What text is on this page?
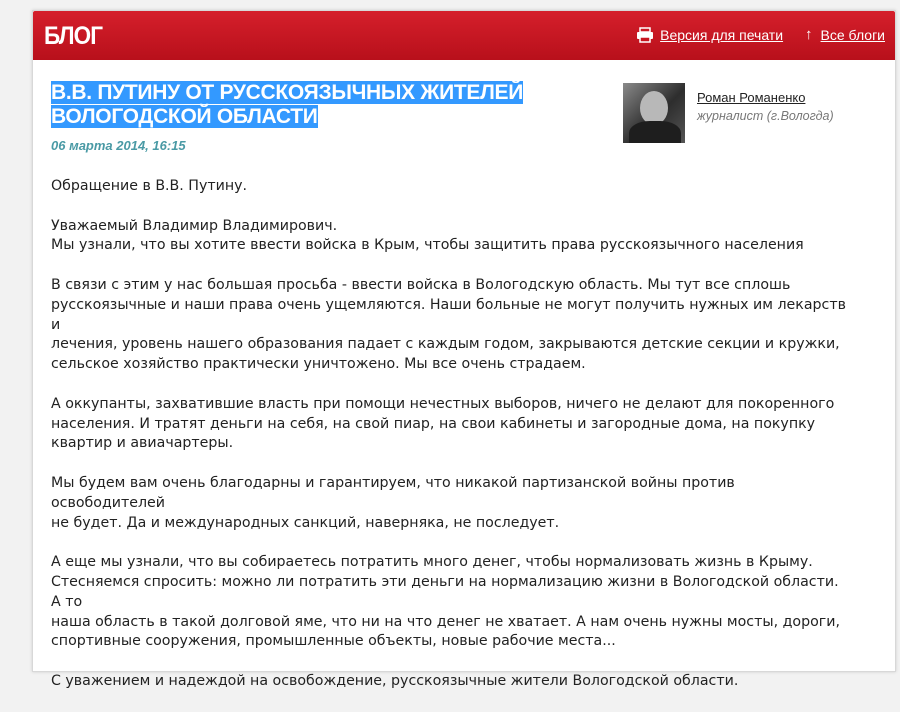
БЛОГ	Версия для печати ↑ Все блоги
В.В. ПУТИНУ ОТ РУССКОЯЗЫЧНЫХ ЖИТЕЛЕЙ
ВОЛОГОДСКОЙ ОБЛАСТИ
06 марта 2014, 16:15
Роман Романенко
журналист (г.Вологда)

Обращение в В.В. Путину.

Уважаемый Владимир Владимирович.
Мы узнали, что вы хотите ввести войска в Крым, чтобы защитить права русскоязычного населения

В связи с этим у нас большая просьба - ввести войска в Вологодскую область. Мы тут все сплошь
русскоязычные и наши права очень ущемляются. Наши больные не могут получить нужных им лекарств и
лечения, уровень нашего образования падает с каждым годом, закрываются детские секции и кружки,
сельское хозяйство практически уничтожено. Мы все очень страдаем.

А оккупанты, захватившие власть при помощи нечестных выборов, ничего не делают для покоренного
населения. И тратят деньги на себя, на свой пиар, на свои кабинеты и загородные дома, на покупку
квартир и авиачартеры.

Мы будем вам очень благодарны и гарантируем, что никакой партизанской войны против освободителей
не будет. Да и международных санкций, наверняка, не последует.

А еще мы узнали, что вы собираетесь потратить много денег, чтобы нормализовать жизнь в Крыму.
Стесняемся спросить: можно ли потратить эти деньги на нормализацию жизни в Вологодской области. А то
наша область в такой долговой яме, что ни на что денег не хватает. А нам очень нужны мосты, дороги,
спортивные сооружения, промышленные объекты, новые рабочие места...

С уважением и надеждой на освобождение, русскоязычные жители Вологодской области.
